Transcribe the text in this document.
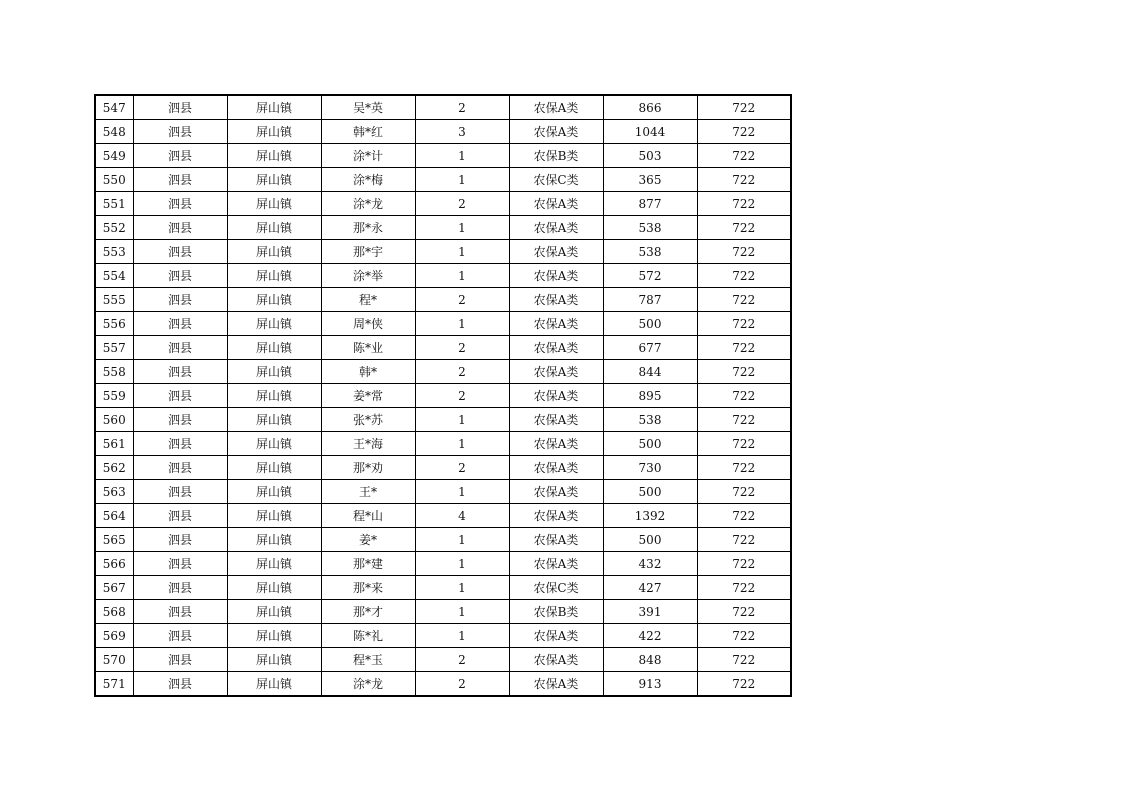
547	泗县	屏山镇	吴*英	2	农保A类	866	722
548	泗县	屏山镇	韩*红	3	农保A类	1044	722
549	泗县	屏山镇	涂*计	1	农保B类	503	722
550	泗县	屏山镇	涂*梅	1	农保C类	365	722
551	泗县	屏山镇	涂*龙	2	农保A类	877	722
552	泗县	屏山镇	那*永	1	农保A类	538	722
553	泗县	屏山镇	那*宇	1	农保A类	538	722
554	泗县	屏山镇	涂*举	1	农保A类	572	722
555	泗县	屏山镇	程*	2	农保A类	787	722
556	泗县	屏山镇	周*侠	1	农保A类	500	722
557	泗县	屏山镇	陈*业	2	农保A类	677	722
558	泗县	屏山镇	韩*	2	农保A类	844	722
559	泗县	屏山镇	姜*常	2	农保A类	895	722
560	泗县	屏山镇	张*苏	1	农保A类	538	722
561	泗县	屏山镇	王*海	1	农保A类	500	722
562	泗县	屏山镇	那*劝	2	农保A类	730	722
563	泗县	屏山镇	王*	1	农保A类	500	722
564	泗县	屏山镇	程*山	4	农保A类	1392	722
565	泗县	屏山镇	姜*	1	农保A类	500	722
566	泗县	屏山镇	那*建	1	农保A类	432	722
567	泗县	屏山镇	那*来	1	农保C类	427	722
568	泗县	屏山镇	那*才	1	农保B类	391	722
569	泗县	屏山镇	陈*礼	1	农保A类	422	722
570	泗县	屏山镇	程*玉	2	农保A类	848	722
571	泗县	屏山镇	涂*龙	2	农保A类	913	722
